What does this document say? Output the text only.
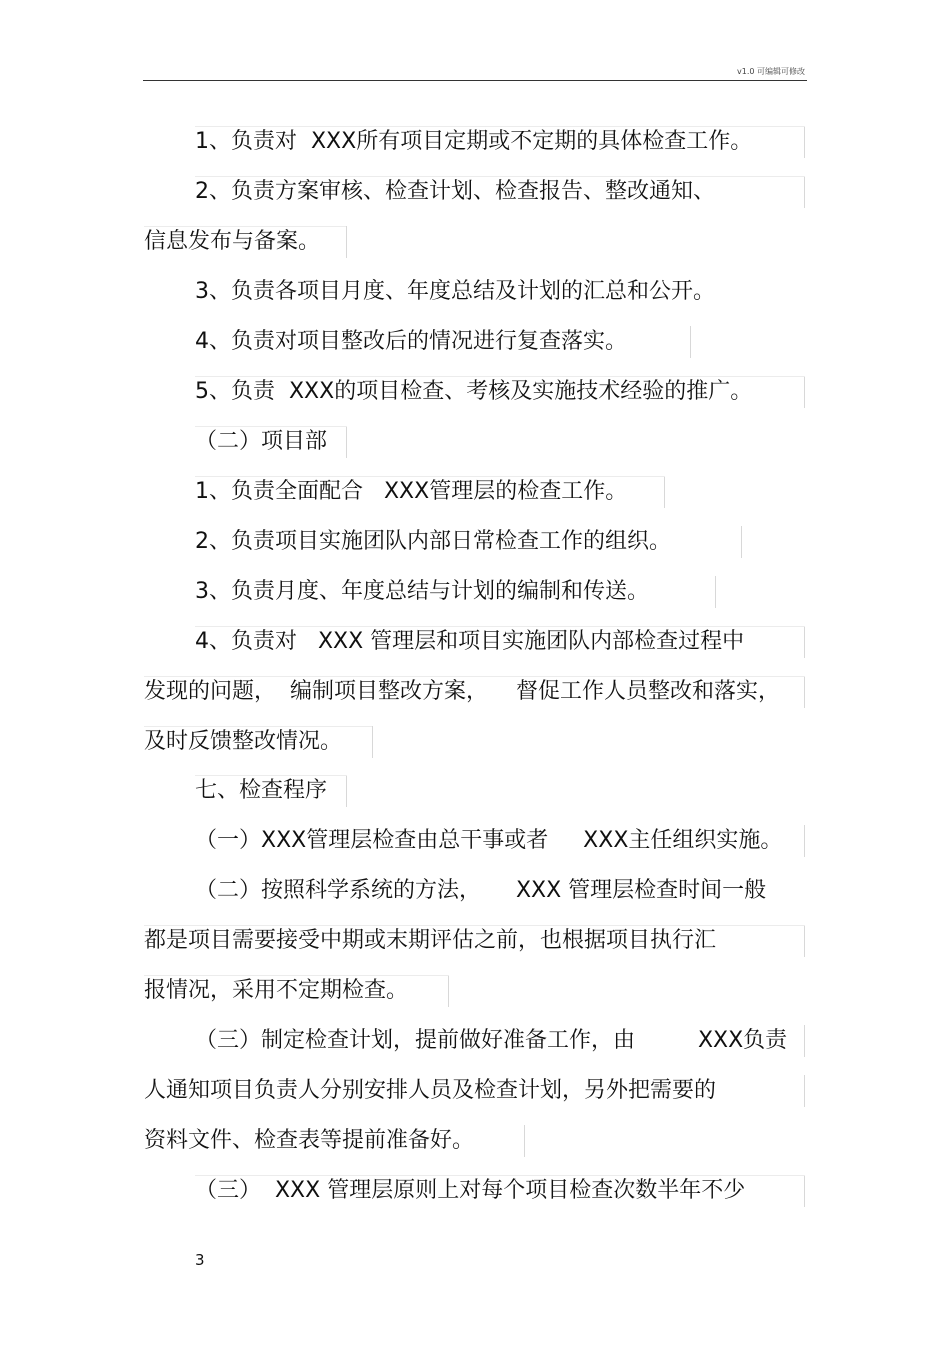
v1.0 可编辑可修改
1、负责对  XXX所有项目定期或不定期的具体检查工作。
2、负责方案审核、检查计划、检查报告、整改通知、
信息发布与备案。
3、负责各项目月度、年度总结及计划的汇总和公开。
4、负责对项目整改后的情况进行复查落实。
5、负责  XXX的项目检查、考核及实施技术经验的推广。
（二）项目部
1、负责全面配合   XXX管理层的检查工作。
2、负责项目实施团队内部日常检查工作的组织。
3、负责月度、年度总结与计划的编制和传送。
4、负责对   XXX 管理层和项目实施团队内部检查过程中
发现的问题，  编制项目整改方案，    督促工作人员整改和落实，
及时反馈整改情况。
七、检查程序
（一）XXX管理层检查由总干事或者     XXX主任组织实施。
（二）按照科学系统的方法，     XXX 管理层检查时间一般
都是项目需要接受中期或末期评估之前，也根据项目执行汇
报情况，采用不定期检查。
（三）制定检查计划，提前做好准备工作，由         XXX负责
人通知项目负责人分别安排人员及检查计划，另外把需要的
资料文件、检查表等提前准备好。
（三）  XXX 管理层原则上对每个项目检查次数半年不少
3
